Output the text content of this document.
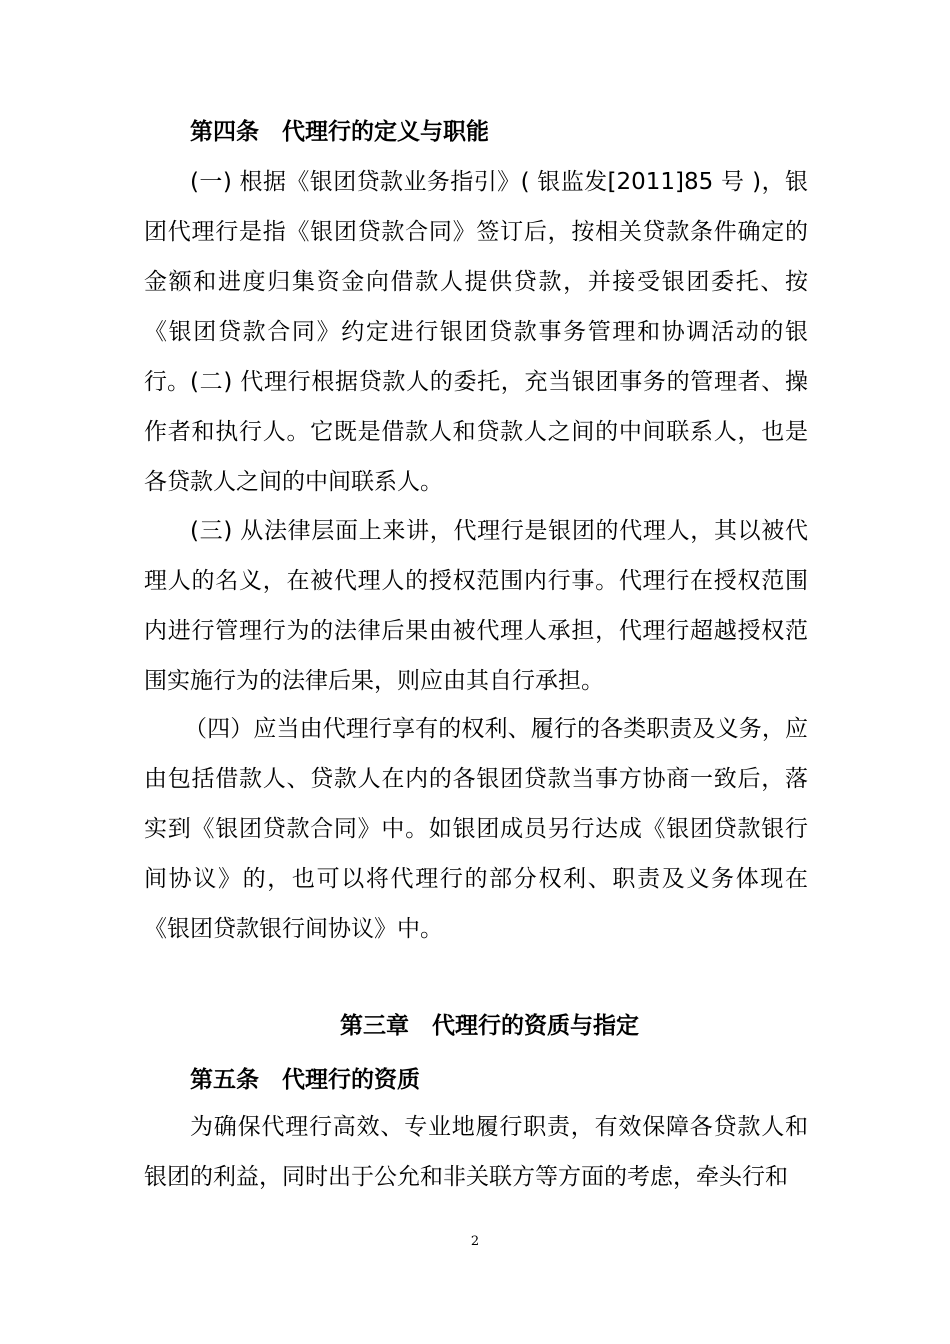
第四条　代理行的定义与职能

(一) 根据《银团贷款业务指引》( 银监发[2011]85 号 )，银团代理行是指《银团贷款合同》签订后，按相关贷款条件确定的金额和进度归集资金向借款人提供贷款，并接受银团委托、按《银团贷款合同》约定进行银团贷款事务管理和协调活动的银行。 (二) 代理行根据贷款人的委托，充当银团事务的管理者、操作者和执行人。它既是借款人和贷款人之间的中间联系人，也是各贷款人之间的中间联系人。

(三) 从法律层面上来讲，代理行是银团的代理人，其以被代理人的名义，在被代理人的授权范围内行事。代理行在授权范围内进行管理行为的法律后果由被代理人承担，代理行超越授权范围实施行为的法律后果，则应由其自行承担。

（四）应当由代理行享有的权利、履行的各类职责及义务，应由包括借款人、贷款人在内的各银团贷款当事方协商一致后，落实到《银团贷款合同》中。如银团成员另行达成《银团贷款银行间协议》的，也可以将代理行的部分权利、职责及义务体现在《银团贷款银行间协议》中。

第三章　代理行的资质与指定
第五条　代理行的资质

为确保代理行高效、专业地履行职责，有效保障各贷款人和银团的利益，同时出于公允和非关联方等方面的考虑，牵头行和

2
